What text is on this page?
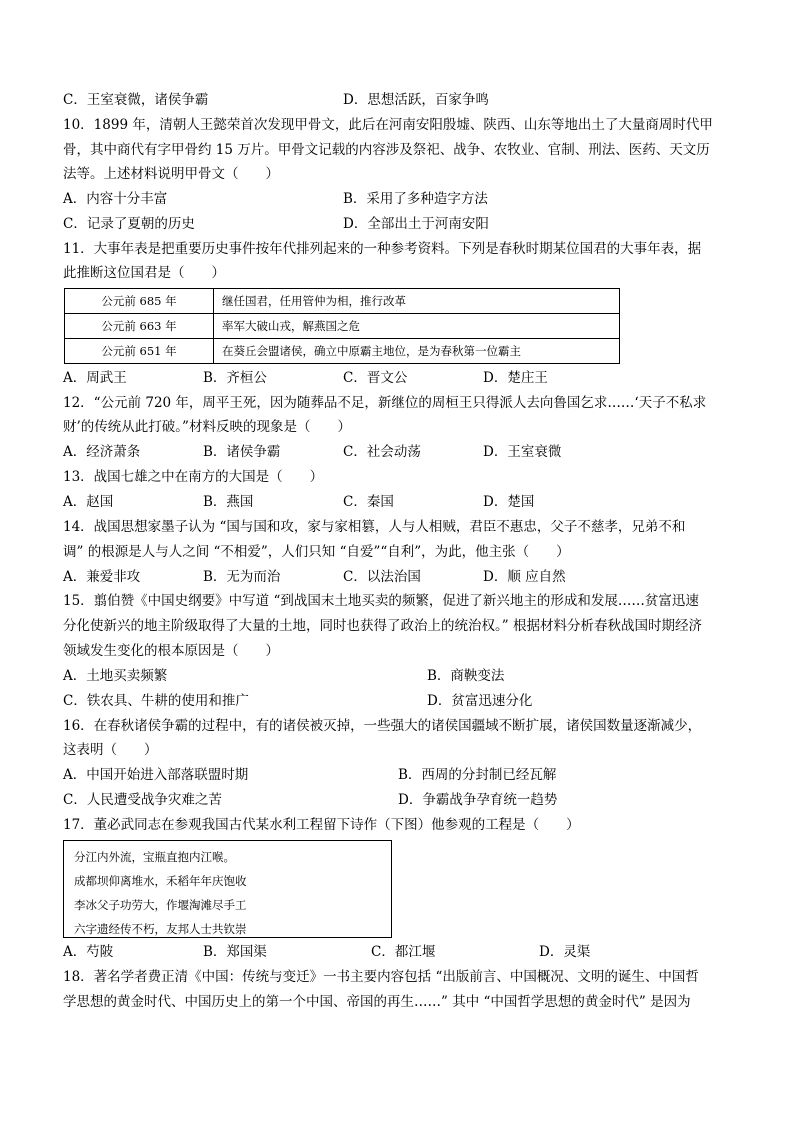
C．王室衰微，诸侯争霸	D．思想活跃，百家争鸣
10．1899 年，清朝人王懿荣首次发现甲骨文，此后在河南安阳殷墟、陕西、山东等地出土了大量商周时代甲
骨，其中商代有字甲骨约 15 万片。甲骨文记载的内容涉及祭祀、战争、农牧业、官制、刑法、医药、天文历
法等。上述材料说明甲骨文（　　）
A．内容十分丰富	B．采用了多种造字方法
C．记录了夏朝的历史	D．全部出土于河南安阳
11．大事年表是把重要历史事件按年代排列起来的一种参考资料。下列是春秋时期某位国君的大事年表，据
此推断这位国君是（　　）
公元前 685 年	继任国君，任用管仲为相，推行改革
公元前 663 年	率军大破山戎，解燕国之危
公元前 651 年	在葵丘会盟诸侯，确立中原霸主地位，是为春秋第一位霸主
A．周武王	B．齐桓公	C．晋文公	D．楚庄王
12．“公元前 720 年，周平王死，因为随葬品不足，新继位的周桓王只得派人去向鲁国乞求……‘天子不私求
财’的传统从此打破。”材料反映的现象是（　　）
A．经济萧条	B．诸侯争霸	C．社会动荡	D．王室衰微
13．战国七雄之中在南方的大国是（　　）
A．赵国	B．燕国	C．秦国	D．楚国
14．战国思想家墨子认为 “国与国和攻，家与家相篡，人与人相贼，君臣不惠忠，父子不慈孝，兄弟不和
调” 的根源是人与人之间 “不相爱”，人们只知 “自爱”“自利”，为此，他主张（　　）
A．兼爱非攻	B．无为而治	C．以法治国	D．顺 应自然
15．翦伯赞《中国史纲要》中写道 “到战国末土地买卖的频繁，促进了新兴地主的形成和发展……贫富迅速
分化使新兴的地主阶级取得了大量的土地，同时也获得了政治上的统治权。” 根据材料分析春秋战国时期经济
领域发生变化的根本原因是（　　）
A．土地买卖频繁	B．商鞅变法
C．铁农具、牛耕的使用和推广	D．贫富迅速分化
16．在春秋诸侯争霸的过程中，有的诸侯被灭掉，一些强大的诸侯国疆域不断扩展，诸侯国数量逐渐减少，
这表明（　　）
A．中国开始进入部落联盟时期	B．西周的分封制已经瓦解
C．人民遭受战争灾难之苦	D．争霸战争孕育统一趋势
17．董必武同志在参观我国古代某水利工程留下诗作（下图）他参观的工程是（　　）
分江内外流，宝瓶直抱内江喉。
成都坝仰离堆水，禾稻年年庆饱收
李冰父子功劳大，作堰淘滩尽手工
六字遗经传不朽，友邦人士共钦崇
A．芍陂	B．郑国渠	C．都江堰	D．灵渠
18．著名学者费正清《中国：传统与变迁》一书主要内容包括 “出版前言、中国概况、文明的诞生、中国哲
学思想的黄金时代、中国历史上的第一个中国、帝国的再生……” 其中 “中国哲学思想的黄金时代” 是因为
